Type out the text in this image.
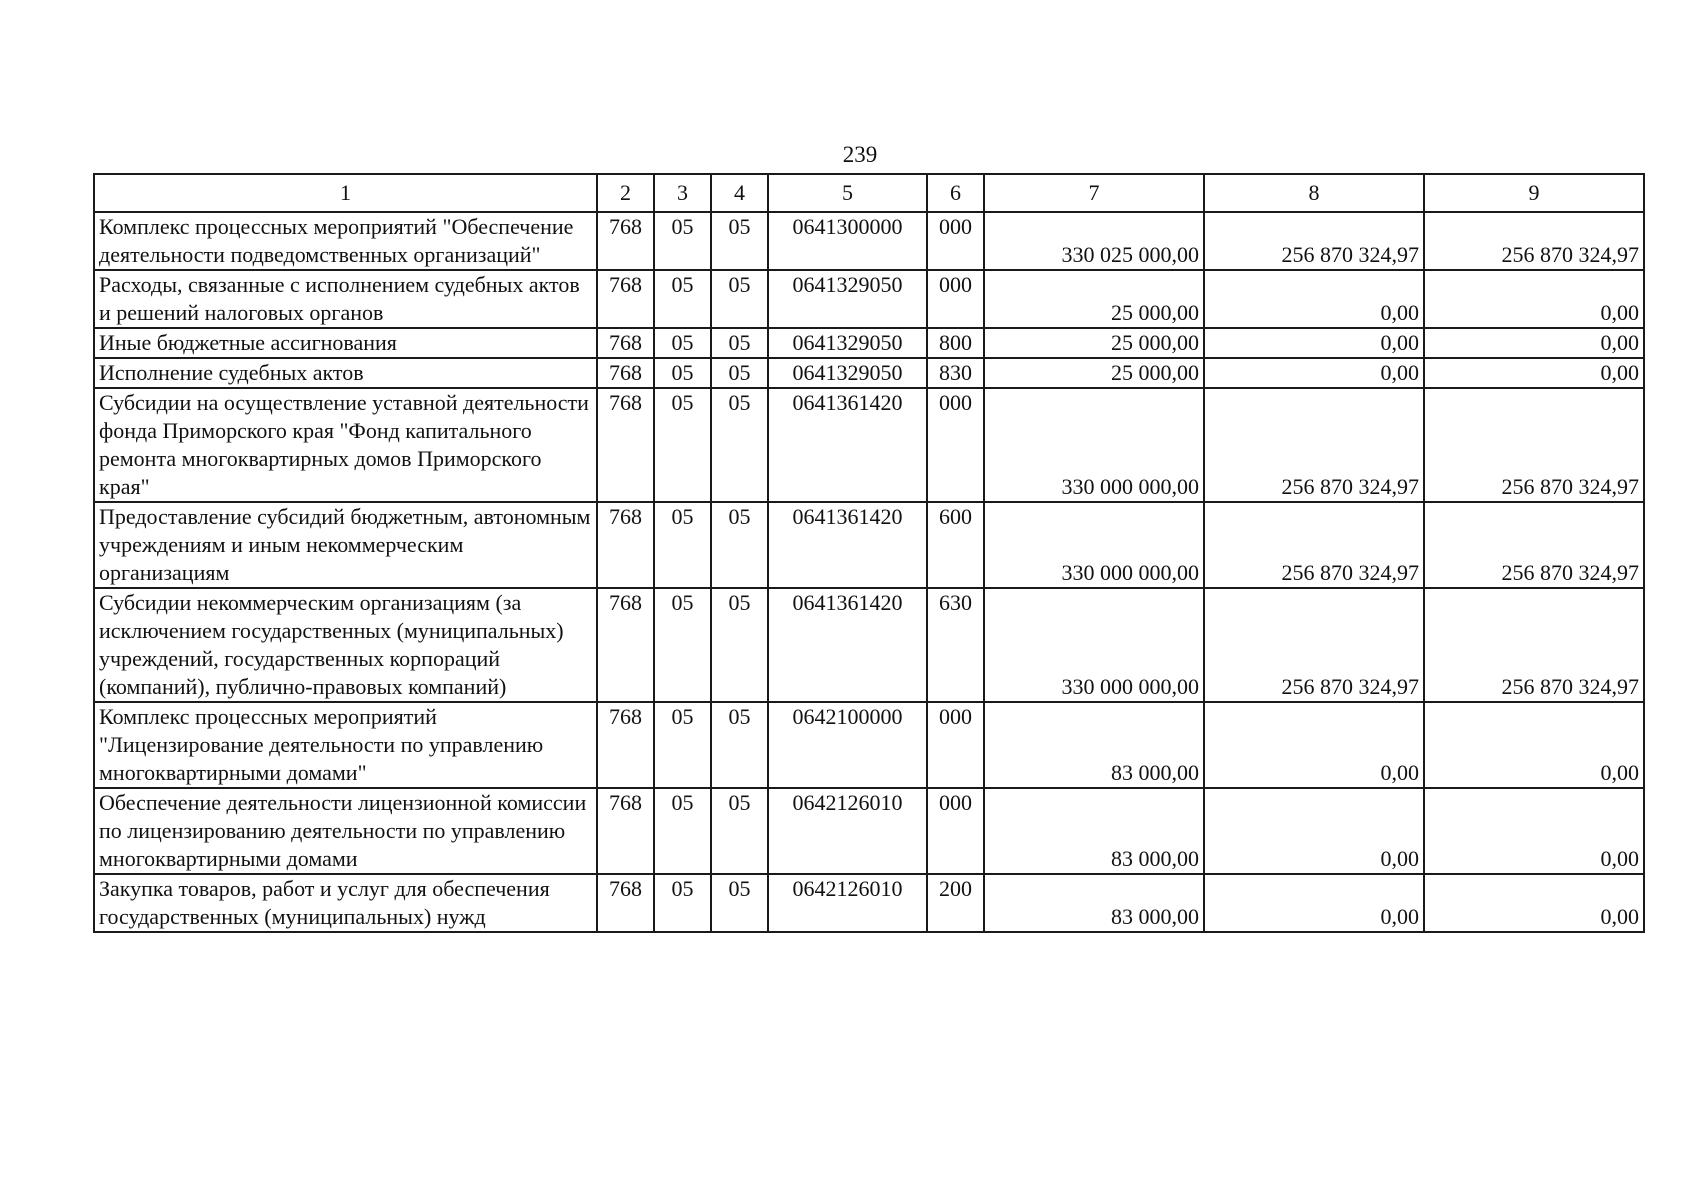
239
1	2	3	4	5	6	7	8	9
Комплекс процессных мероприятий "Обеспечение деятельности подведомственных организаций"	768	05	05	0641300000	000	330 025 000,00	256 870 324,97	256 870 324,97
Расходы, связанные с исполнением судебных актов и решений налоговых органов	768	05	05	0641329050	000	25 000,00	0,00	0,00
Иные бюджетные ассигнования	768	05	05	0641329050	800	25 000,00	0,00	0,00
Исполнение судебных актов	768	05	05	0641329050	830	25 000,00	0,00	0,00
Субсидии на осуществление уставной деятельности фонда Приморского края "Фонд капитального ремонта многоквартирных домов Приморского края"	768	05	05	0641361420	000	330 000 000,00	256 870 324,97	256 870 324,97
Предоставление субсидий бюджетным, автономным учреждениям и иным некоммерческим организациям	768	05	05	0641361420	600	330 000 000,00	256 870 324,97	256 870 324,97
Субсидии некоммерческим организациям (за исключением государственных (муниципальных) учреждений, государственных корпораций (компаний), публично-правовых компаний)	768	05	05	0641361420	630	330 000 000,00	256 870 324,97	256 870 324,97
Комплекс процессных мероприятий "Лицензирование деятельности по управлению многоквартирными домами"	768	05	05	0642100000	000	83 000,00	0,00	0,00
Обеспечение деятельности лицензионной комиссии по лицензированию деятельности по управлению многоквартирными домами	768	05	05	0642126010	000	83 000,00	0,00	0,00
Закупка товаров, работ и услуг для обеспечения государственных (муниципальных) нужд	768	05	05	0642126010	200	83 000,00	0,00	0,00
